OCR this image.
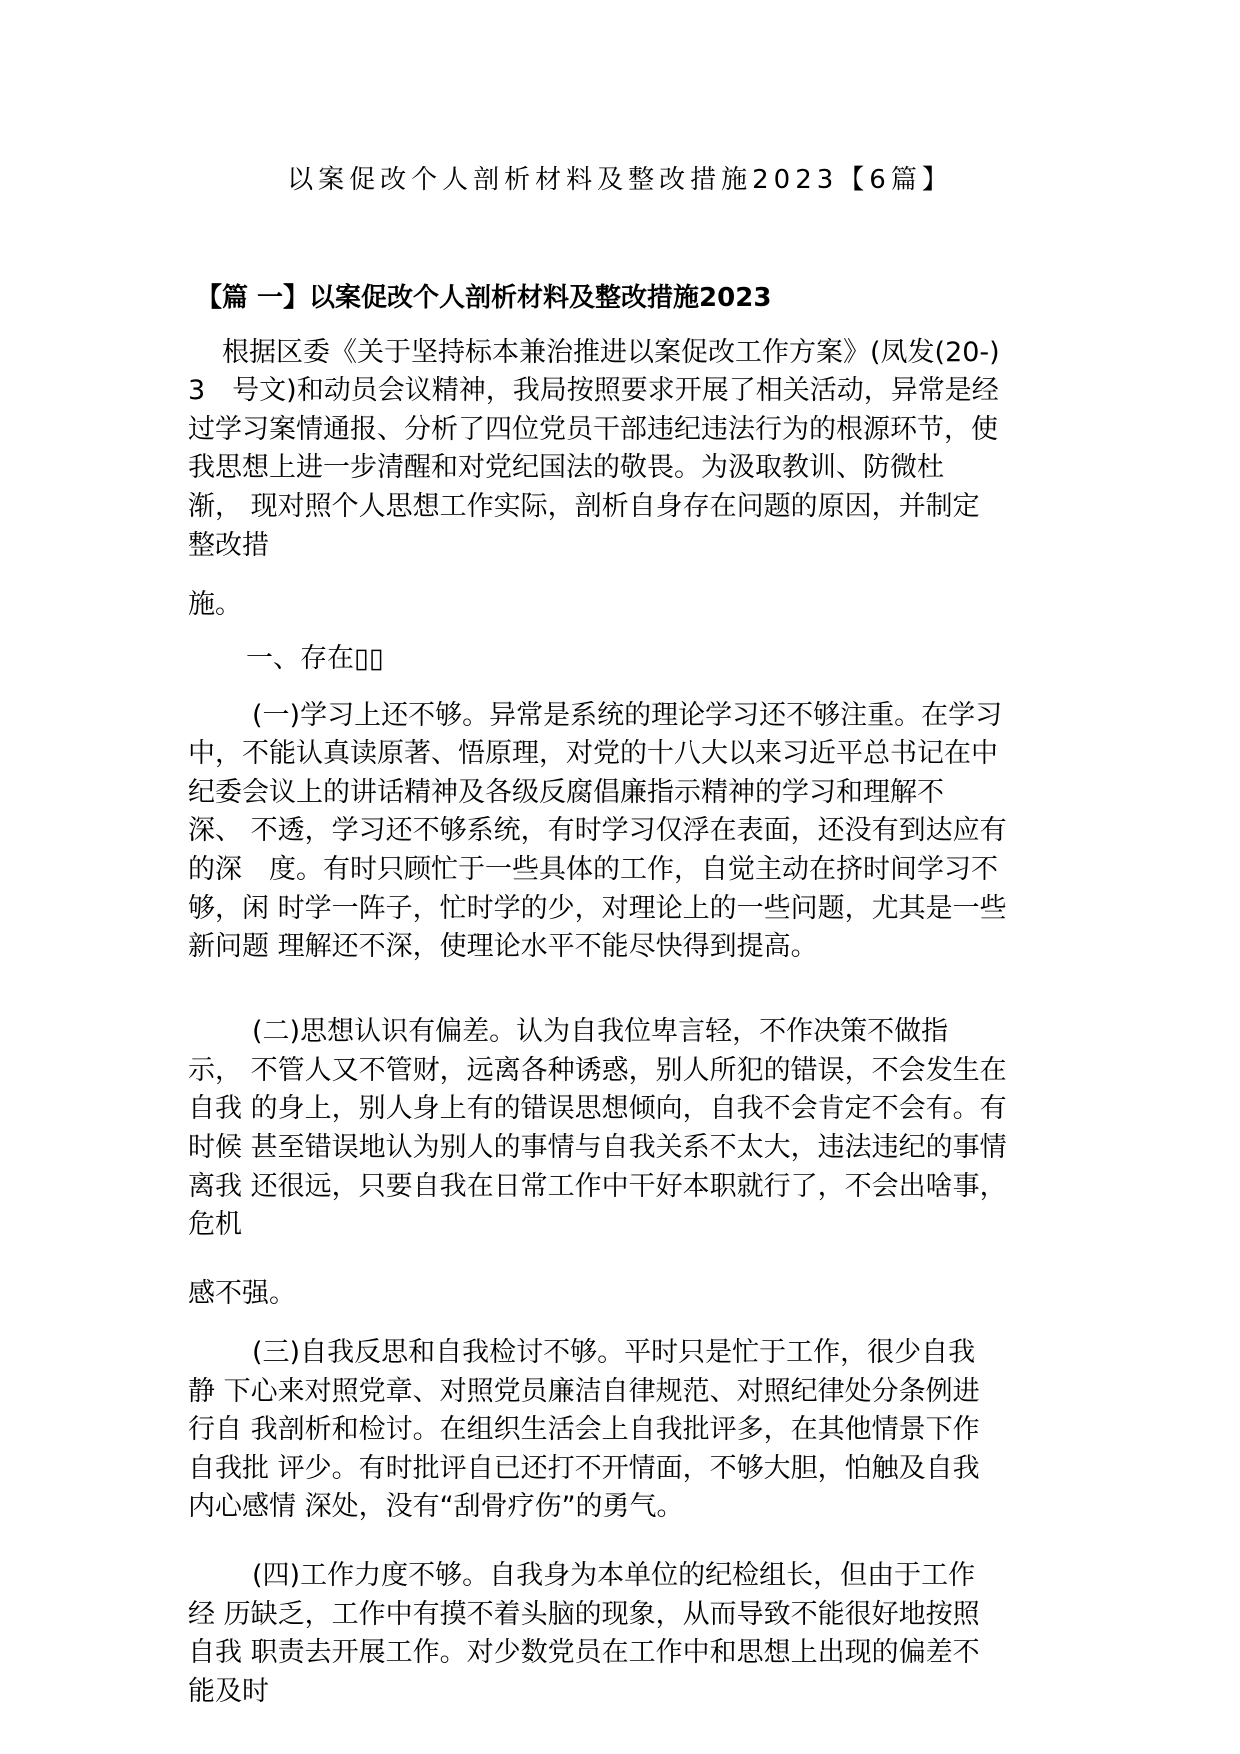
以案促改个人剖析材料及整改措施2023【6篇】
【篇 一】以案促改个人剖析材料及整改措施2023
根据区委《关于坚持标本兼治推进以案促改工作方案》(凤发(20-)
3　号文)和动员会议精神，我局按照要求开展了相关活动，异常是经
过学习案情通报、分析了四位党员干部违纪违法行为的根源环节，使
我思想上进一步清醒和对党纪国法的敬畏。为汲取教训、防微杜
渐， 现对照个人思想工作实际，剖析自身存在问题的原因，并制定
整改措
施。
一、存在▯▯
(一)学习上还不够。异常是系统的理论学习还不够注重。在学习
中，不能认真读原著、悟原理，对党的十八大以来习近平总书记在中
纪委会议上的讲话精神及各级反腐倡廉指示精神的学习和理解不
深、 不透，学习还不够系统，有时学习仅浮在表面，还没有到达应有
的深　度。有时只顾忙于一些具体的工作，自觉主动在挤时间学习不
够，闲 时学一阵子，忙时学的少，对理论上的一些问题，尤其是一些
新问题 理解还不深，使理论水平不能尽快得到提高。
(二)思想认识有偏差。认为自我位卑言轻，不作决策不做指
示， 不管人又不管财，远离各种诱惑，别人所犯的错误，不会发生在
自我 的身上，别人身上有的错误思想倾向，自我不会肯定不会有。有
时候 甚至错误地认为别人的事情与自我关系不太大，违法违纪的事情
离我 还很远，只要自我在日常工作中干好本职就行了，不会出啥事，
危机
感不强。
(三)自我反思和自我检讨不够。平时只是忙于工作，很少自我
静 下心来对照党章、对照党员廉洁自律规范、对照纪律处分条例进
行自 我剖析和检讨。在组织生活会上自我批评多，在其他情景下作
自我批 评少。有时批评自已还打不开情面，不够大胆，怕触及自我
内心感情 深处，没有“刮骨疗伤”的勇气。
(四)工作力度不够。自我身为本单位的纪检组长，但由于工作
经 历缺乏，工作中有摸不着头脑的现象，从而导致不能很好地按照
自我 职责去开展工作。对少数党员在工作中和思想上出现的偏差不
能及时
